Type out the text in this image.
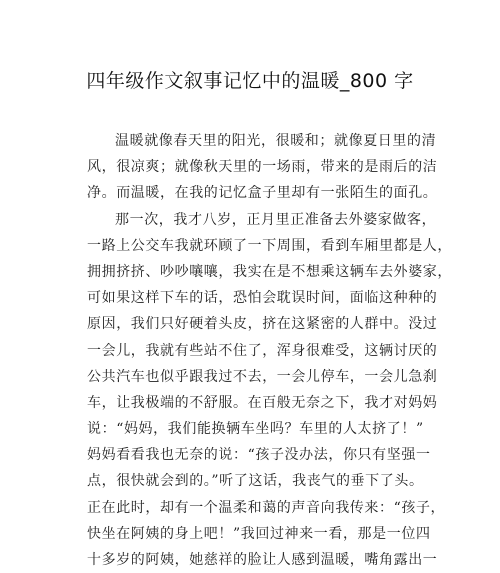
四年级作文叙事记忆中的温暖_800 字
温暖就像春天里的阳光，很暖和；就像夏日里的清
风，很凉爽；就像秋天里的一场雨，带来的是雨后的洁
净。而温暖，在我的记忆盒子里却有一张陌生的面孔。
那一次，我才八岁，正月里正准备去外婆家做客，
一路上公交车我就环顾了一下周围，看到车厢里都是人，
拥拥挤挤、吵吵嚷嚷，我实在是不想乘这辆车去外婆家，
可如果这样下车的话，恐怕会耽误时间，面临这种种的
原因，我们只好硬着头皮，挤在这紧密的人群中。没过
一会儿，我就有些站不住了，浑身很难受，这辆讨厌的
公共汽车也似乎跟我过不去，一会儿停车，一会儿急刹
车，让我极端的不舒服。在百般无奈之下，我才对妈妈
说：“妈妈，我们能换辆车坐吗？车里的人太挤了！”
妈妈看看我也无奈的说：“孩子没办法，你只有坚强一
点，很快就会到的。”听了这话，我丧气的垂下了头。
正在此时，却有一个温柔和蔼的声音向我传来：“孩子，
快坐在阿姨的身上吧！”我回过神来一看，那是一位四
十多岁的阿姨，她慈祥的脸让人感到温暖，嘴角露出一
